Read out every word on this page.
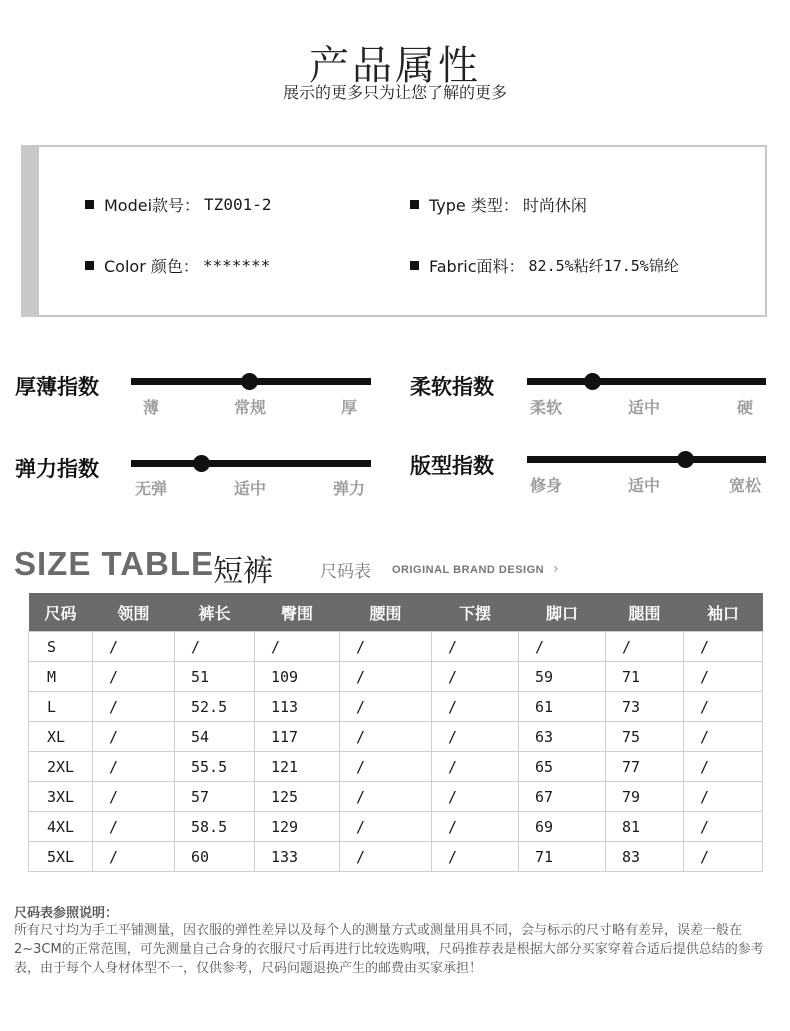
产品属性
展示的更多只为让您了解的更多
Modei款号： TZ001-2	Type 类型： 时尚休闲
Color 颜色： *******	Fabric面料： 82.5%粘纤17.5%锦纶
厚薄指数
薄	常规	厚
柔软指数
柔软	适中	硬
弹力指数
无弹	适中	弹力
版型指数
修身	适中	宽松
SIZE TABLE
短裤	尺码表 ORIGINAL BRAND DESIGN ›
尺码	领围	裤长	臀围	腰围	下摆	脚口	腿围	袖口
S	/	/	/	/	/	/	/	/
M	/	51	109	/	/	59	71	/
L	/	52.5	113	/	/	61	73	/
XL	/	54	117	/	/	63	75	/
2XL	/	55.5	121	/	/	65	77	/
3XL	/	57	125	/	/	67	79	/
4XL	/	58.5	129	/	/	69	81	/
5XL	/	60	133	/	/	71	83	/
尺码表参照说明：
所有尺寸均为手工平铺测量，因衣服的弹性差异以及每个人的测量方式或测量用具不同，会与标示的尺寸略有差异，误差一般在2~3CM的正常范围，可先测量自己合身的衣服尺寸后再进行比较选购哦，尺码推荐表是根据大部分买家穿着合适后提供总结的参考表，由于每个人身材体型不一，仅供参考，尺码问题退换产生的邮费由买家承担！
